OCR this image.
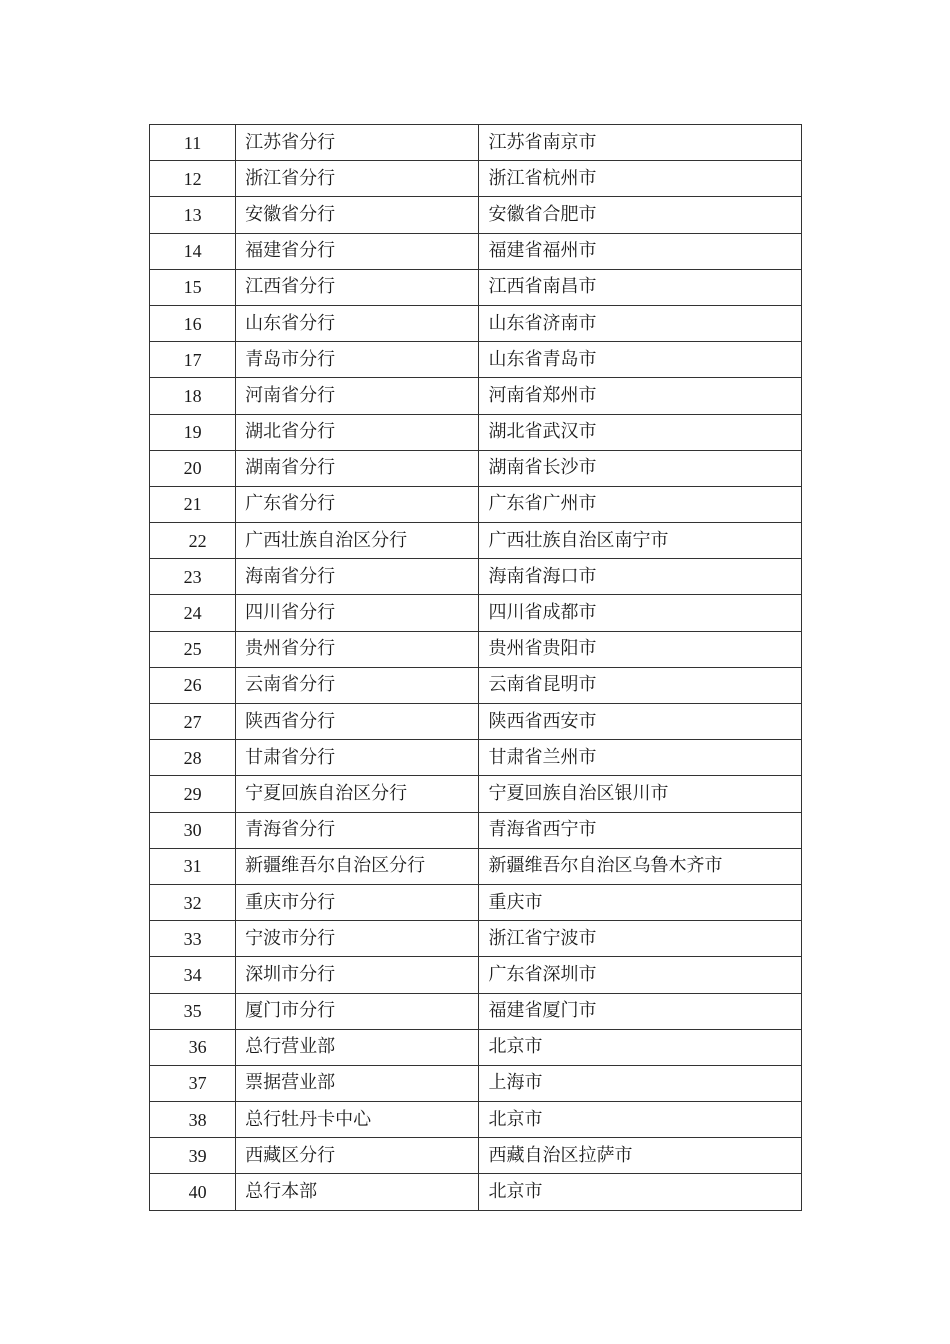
11	江苏省分行	江苏省南京市
12	浙江省分行	浙江省杭州市
13	安徽省分行	安徽省合肥市
14	福建省分行	福建省福州市
15	江西省分行	江西省南昌市
16	山东省分行	山东省济南市
17	青岛市分行	山东省青岛市
18	河南省分行	河南省郑州市
19	湖北省分行	湖北省武汉市
20	湖南省分行	湖南省长沙市
21	广东省分行	广东省广州市
22	广西壮族自治区分行	广西壮族自治区南宁市
23	海南省分行	海南省海口市
24	四川省分行	四川省成都市
25	贵州省分行	贵州省贵阳市
26	云南省分行	云南省昆明市
27	陕西省分行	陕西省西安市
28	甘肃省分行	甘肃省兰州市
29	宁夏回族自治区分行	宁夏回族自治区银川市
30	青海省分行	青海省西宁市
31	新疆维吾尔自治区分行	新疆维吾尔自治区乌鲁木齐市
32	重庆市分行	重庆市
33	宁波市分行	浙江省宁波市
34	深圳市分行	广东省深圳市
35	厦门市分行	福建省厦门市
36	总行营业部	北京市
37	票据营业部	上海市
38	总行牡丹卡中心	北京市
39	西藏区分行	西藏自治区拉萨市
40	总行本部	北京市
